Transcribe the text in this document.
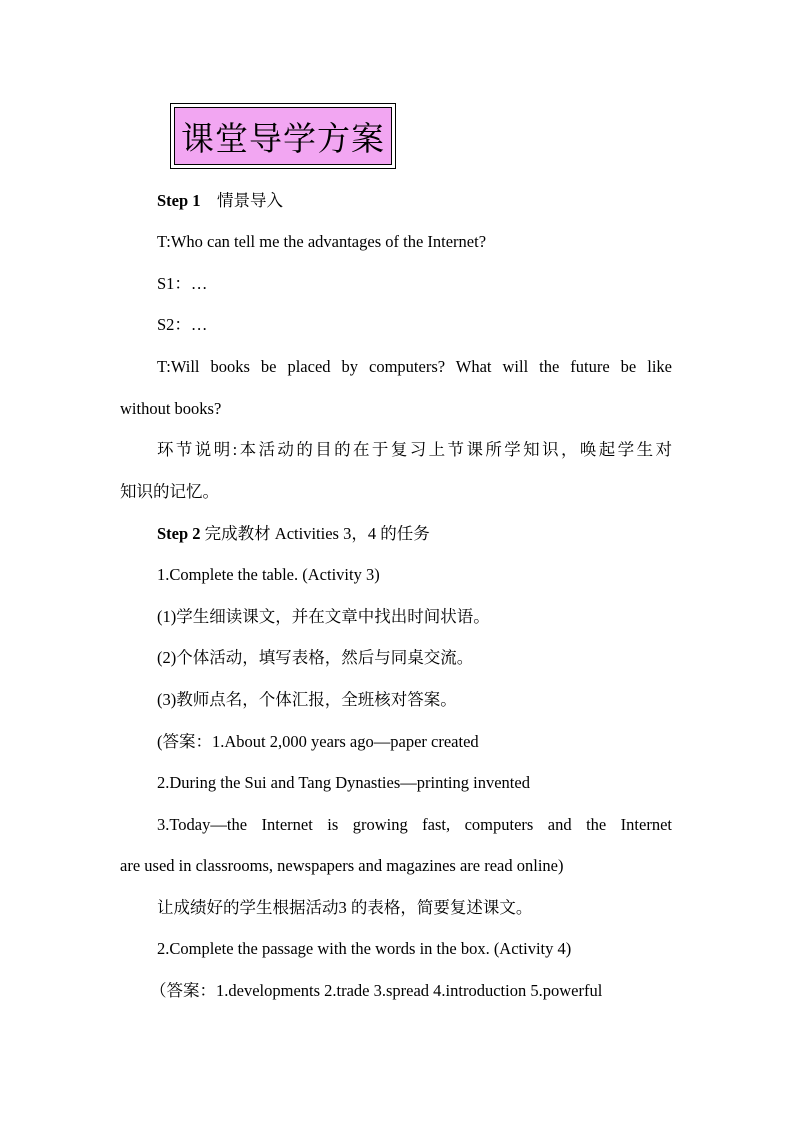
课堂导学方案
Step 1 情景导入
T:Who can tell me the advantages of the Internet?
S1：…
S2：…
T:Will books be placed by computers? What will the future be like
without books?
环节说明:本活动的目的在于复习上节课所学知识，唤起学生对
知识的记忆。
Step 2 完成教材 Activities 3，4 的任务
1.Complete the table. (Activity 3)
(1)学生细读课文，并在文章中找出时间状语。
(2)个体活动，填写表格，然后与同桌交流。
(3)教师点名，个体汇报，全班核对答案。
(答案：1.About 2,000 years ago—paper created
2.During the Sui and Tang Dynasties—printing invented
3.Today—the Internet is growing fast, computers and the Internet
are used in classrooms, newspapers and magazines are read online)
让成绩好的学生根据活动3 的表格，简要复述课文。
2.Complete the passage with the words in the box. (Activity 4)
（答案：1.developments 2.trade 3.spread 4.introduction 5.powerful
